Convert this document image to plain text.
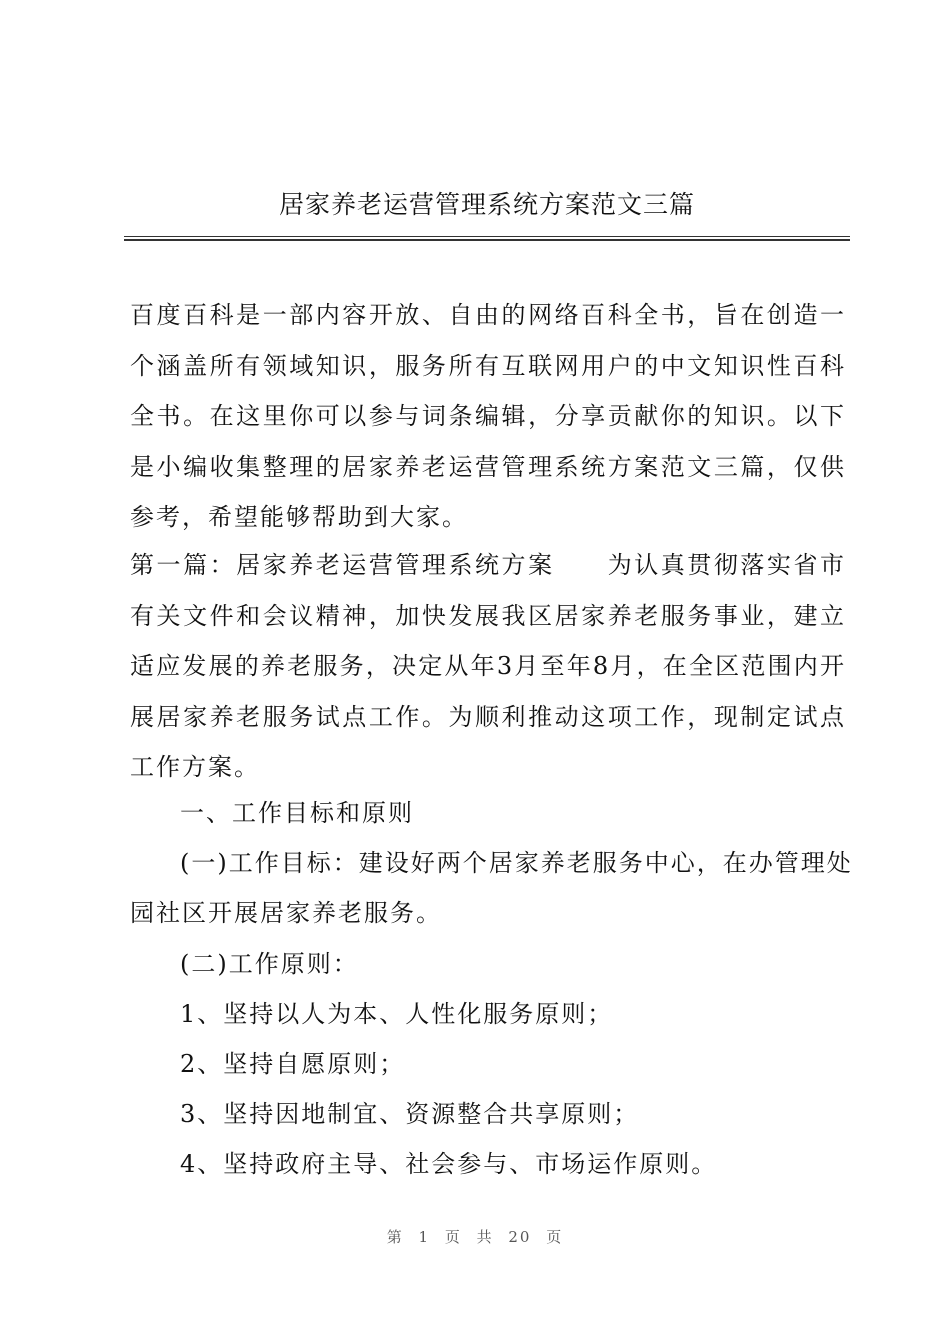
居家养老运营管理系统方案范文三篇

百度百科是一部内容开放、自由的网络百科全书，旨在创造一个涵盖所有领域知识，服务所有互联网用户的中文知识性百科全书。在这里你可以参与词条编辑，分享贡献你的知识。以下是小编收集整理的居家养老运营管理系统方案范文三篇，仅供参考，希望能够帮助到大家。

第一篇：居家养老运营管理系统方案　　为认真贯彻落实省市有关文件和会议精神，加快发展我区居家养老服务事业，建立适应发展的养老服务，决定从年3月至年8月，在全区范围内开展居家养老服务试点工作。为顺利推动这项工作，现制定试点工作方案。

一、工作目标和原则
(一)工作目标：建设好两个居家养老服务中心，在办管理处
园社区开展居家养老服务。
(二)工作原则：
1、坚持以人为本、人性化服务原则；
2、坚持自愿原则；
3、坚持因地制宜、资源整合共享原则；
4、坚持政府主导、社会参与、市场运作原则。
第 1 页 共 20 页
